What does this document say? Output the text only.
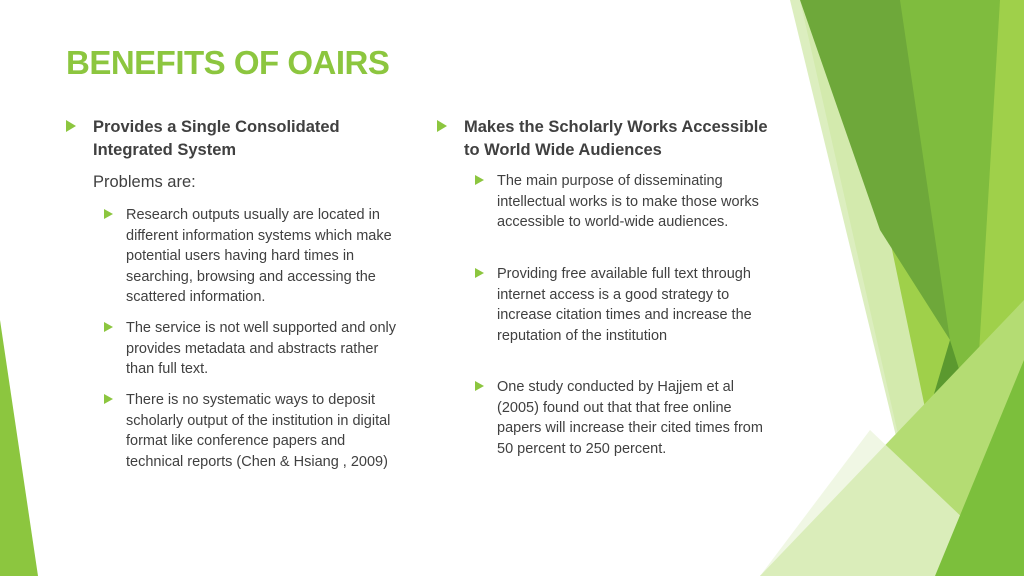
BENEFITS OF OAIRS
Provides a Single Consolidated Integrated System
Problems are:
Research outputs usually are located in different information systems which make potential users having hard times in searching, browsing and accessing the scattered information.
The service is not well supported and only provides metadata and abstracts rather than full text.
There is no systematic ways to deposit scholarly output of the institution in digital format like conference papers and technical reports (Chen & Hsiang , 2009)
Makes the Scholarly Works Accessible to World Wide Audiences
The main purpose of disseminating intellectual works is to make those works accessible to world-wide audiences.
Providing free available full text through internet access is a good strategy to increase citation times and increase the reputation of the institution
One study conducted by Hajjem et al (2005) found out that that free online papers will increase their cited times from 50 percent to 250 percent.
